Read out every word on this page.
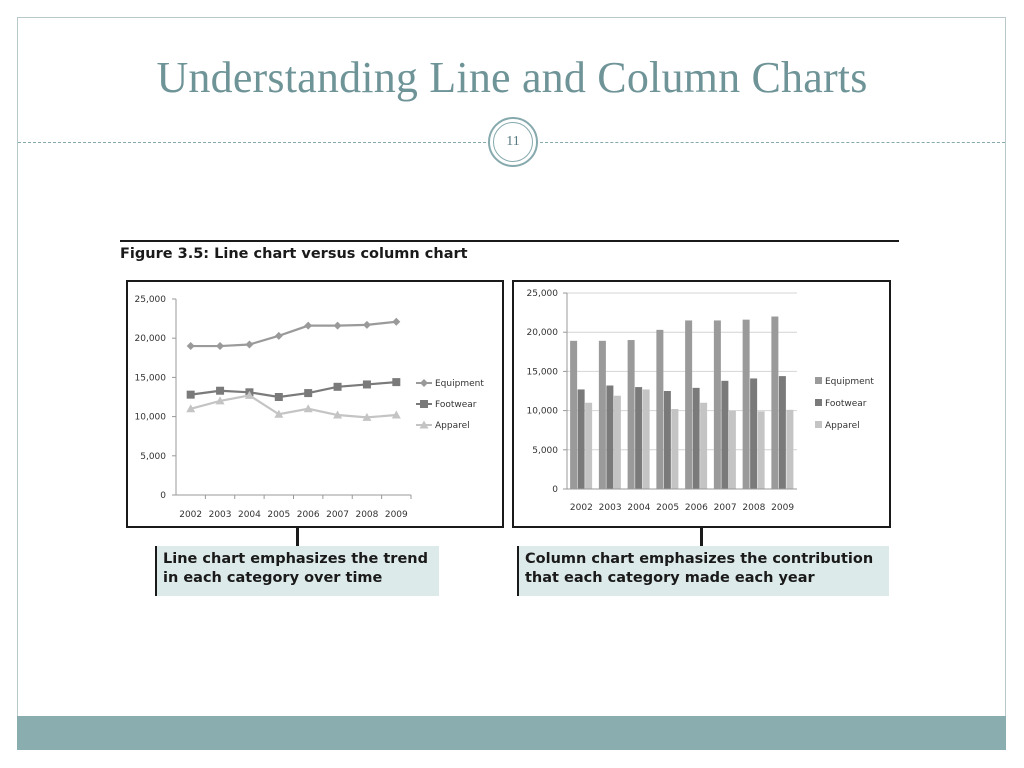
Understanding Line and Column Charts
11
Figure 3.5: Line chart versus column chart
25,000
20,000
15,000
10,000
5,000
0
2002 2003 2004 2005 2006 2007 2008 2009
Equipment
Footwear
Apparel
25,000
20,000
15,000
10,000
5,000
0
2002 2003 2004 2005 2006 2007 2008 2009
Equipment
Footwear
Apparel
Line chart emphasizes the trend
in each category over time
Column chart emphasizes the contribution
that each category made each year
